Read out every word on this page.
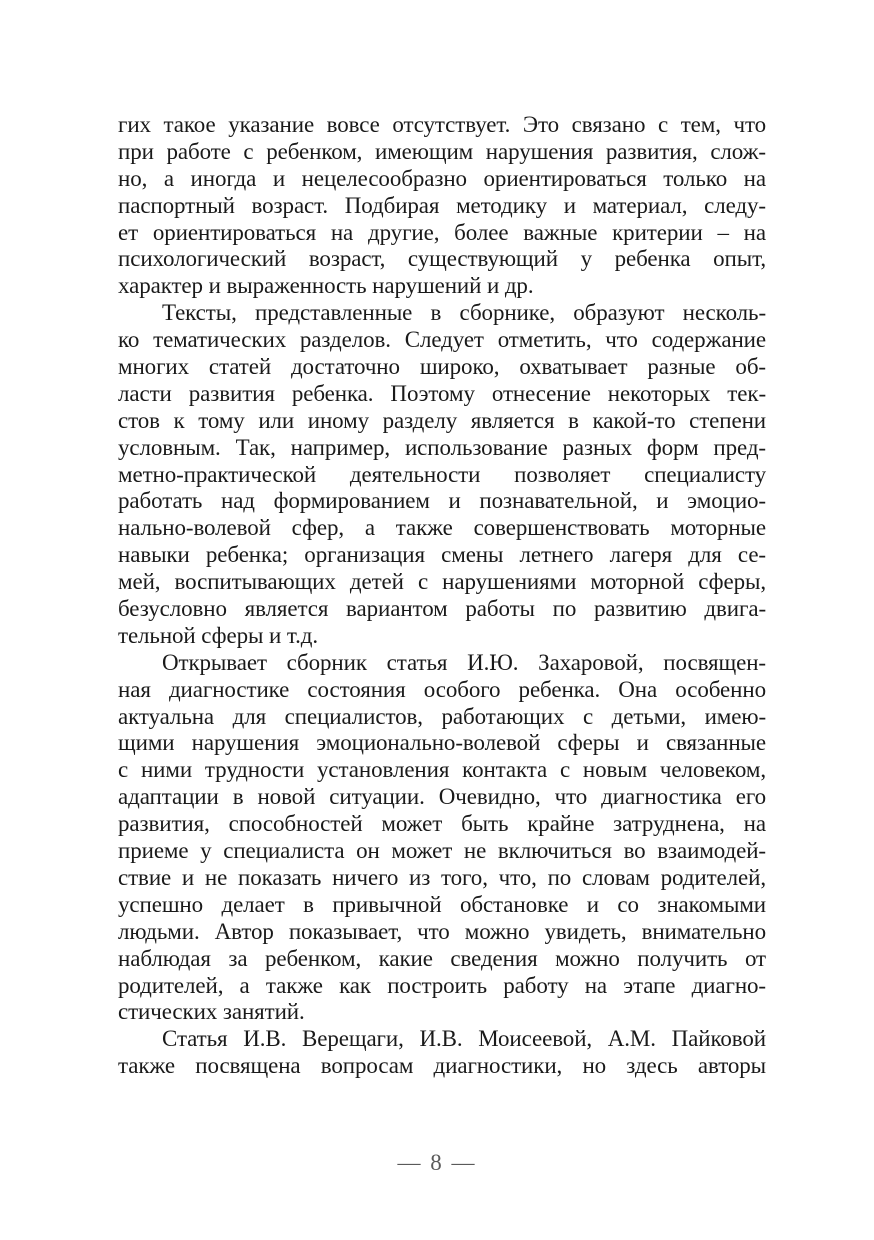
гих такое указание вовсе отсутствует. Это связано с тем, что
при работе с ребенком, имеющим нарушения развития, слож-
но, а иногда и нецелесообразно ориентироваться только на
паспортный возраст. Подбирая методику и материал, следу-
ет ориентироваться на другие, более важные критерии – на
психологический возраст, существующий у ребенка опыт,
характер и выраженность нарушений и др.
Тексты, представленные в сборнике, образуют несколь-
ко тематических разделов. Следует отметить, что содержание
многих статей достаточно широко, охватывает разные об-
ласти развития ребенка. Поэтому отнесение некоторых тек-
стов к тому или иному разделу является в какой-то степени
условным. Так, например, использование разных форм пред-
метно-практической деятельности позволяет специалисту
работать над формированием и познавательной, и эмоцио-
нально-волевой сфер, а также совершенствовать моторные
навыки ребенка; организация смены летнего лагеря для се-
мей, воспитывающих детей с нарушениями моторной сферы,
безусловно является вариантом работы по развитию двига-
тельной сферы и т.д.
Открывает сборник статья И.Ю. Захаровой, посвящен-
ная диагностике состояния особого ребенка. Она особенно
актуальна для специалистов, работающих с детьми, имею-
щими нарушения эмоционально-волевой сферы и связанные
с ними трудности установления контакта с новым человеком,
адаптации в новой ситуации. Очевидно, что диагностика его
развития, способностей может быть крайне затруднена, на
приеме у специалиста он может не включиться во взаимодей-
ствие и не показать ничего из того, что, по словам родителей,
успешно делает в привычной обстановке и со знакомыми
людьми. Автор показывает, что можно увидеть, внимательно
наблюдая за ребенком, какие сведения можно получить от
родителей, а также как построить работу на этапе диагно-
стических занятий.
Статья И.В. Верещаги, И.В. Моисеевой, А.М. Пайковой
также посвящена вопросам диагностики, но здесь авторы
— 8 —
